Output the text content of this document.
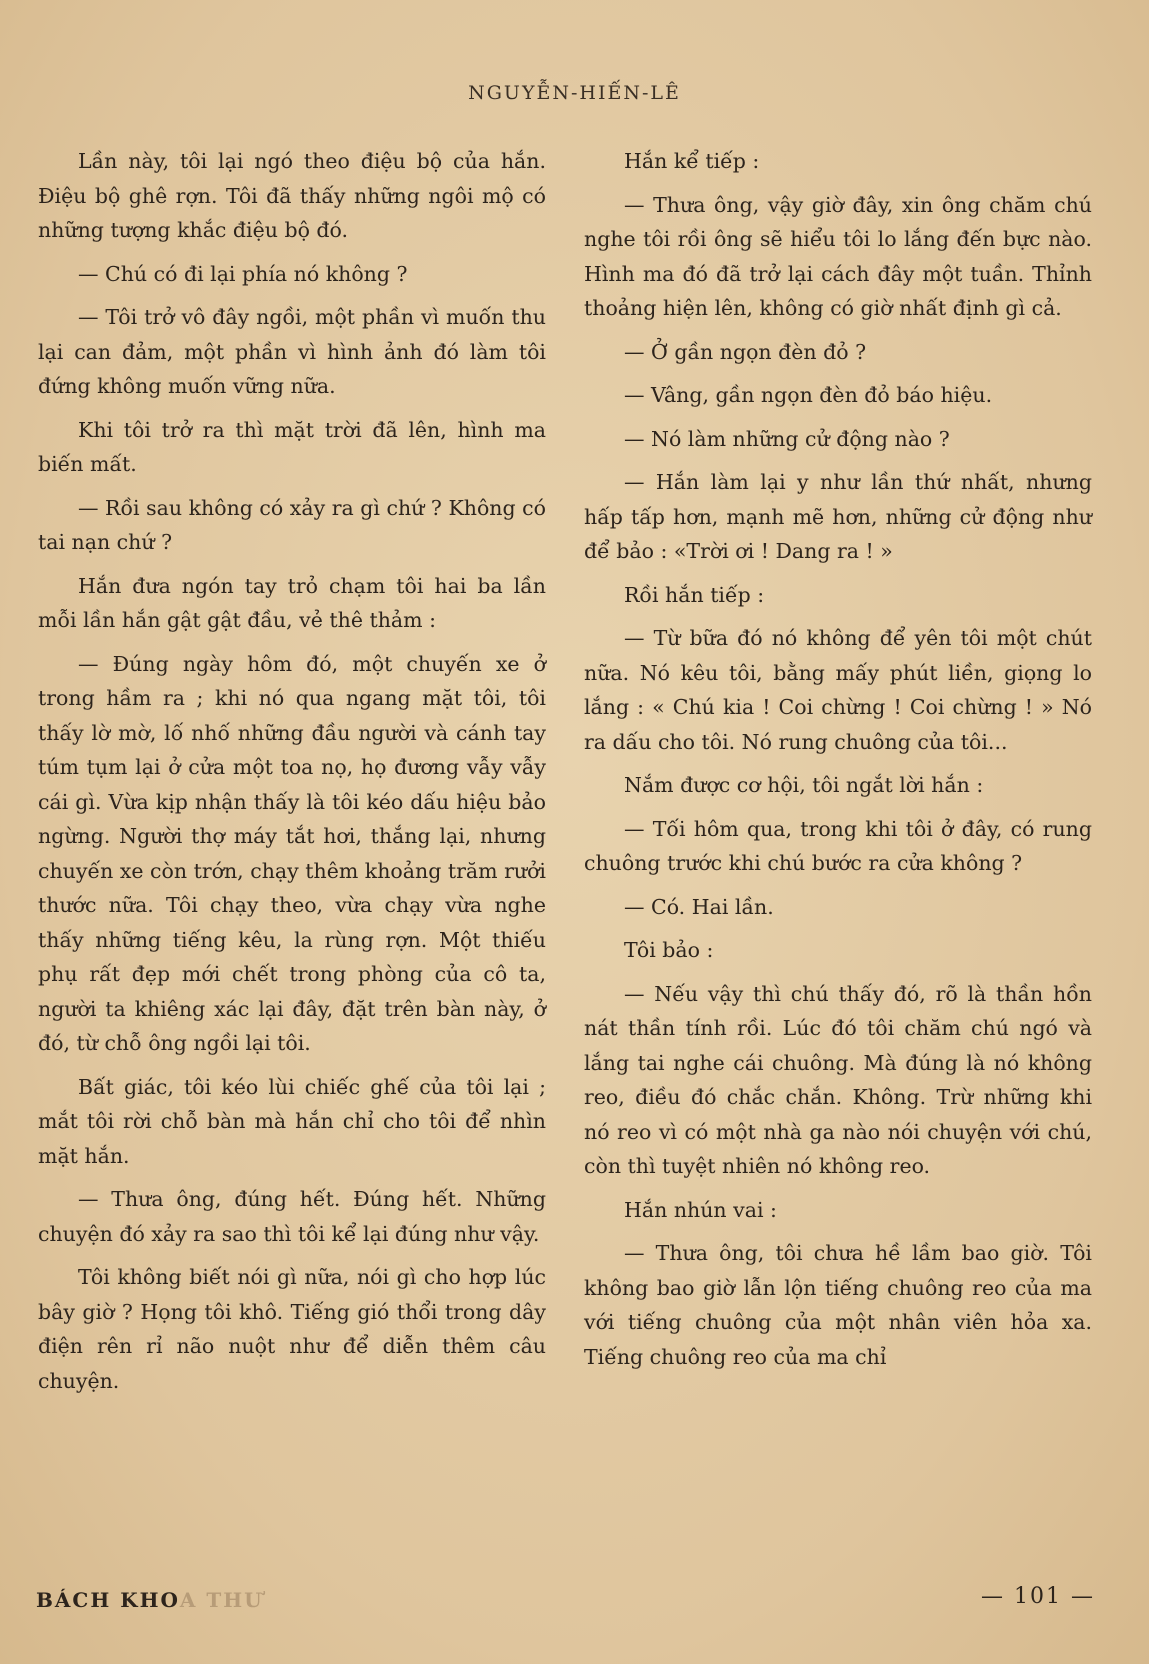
NGUYỄN-HIẾN-LÊ

Lần này, tôi lại ngó theo điệu bộ của hắn. Điệu bộ ghê rợn. Tôi đã thấy những ngôi mộ có những tượng khắc điệu bộ đó.

— Chú có đi lại phía nó không ?

— Tôi trở vô đây ngồi, một phần vì muốn thu lại can đảm, một phần vì hình ảnh đó làm tôi đứng không muốn vững nữa.

Khi tôi trở ra thì mặt trời đã lên, hình ma biến mất.

— Rồi sau không có xảy ra gì chứ ? Không có tai nạn chứ ?

Hắn đưa ngón tay trỏ chạm tôi hai ba lần mỗi lần hắn gật gật đầu, vẻ thê thảm :

— Đúng ngày hôm đó, một chuyến xe ở trong hầm ra ; khi nó qua ngang mặt tôi, tôi thấy lờ mờ, lố nhố những đầu người và cánh tay túm tụm lại ở cửa một toa nọ, họ đương vẫy vẫy cái gì. Vừa kịp nhận thấy là tôi kéo dấu hiệu bảo ngừng. Người thợ máy tắt hơi, thắng lại, nhưng chuyến xe còn trớn, chạy thêm khoảng trăm rưởi thước nữa. Tôi chạy theo, vừa chạy vừa nghe thấy những tiếng kêu, la rùng rợn. Một thiếu phụ rất đẹp mới chết trong phòng của cô ta, người ta khiêng xác lại đây, đặt trên bàn này, ở đó, từ chỗ ông ngồi lại tôi.

Bất giác, tôi kéo lùi chiếc ghế của tôi lại ; mắt tôi rời chỗ bàn mà hắn chỉ cho tôi để nhìn mặt hắn.

— Thưa ông, đúng hết. Đúng hết. Những chuyện đó xảy ra sao thì tôi kể lại đúng như vậy.

Tôi không biết nói gì nữa, nói gì cho hợp lúc bây giờ ? Họng tôi khô. Tiếng gió thổi trong dây điện rên rỉ não nuột như để diễn thêm câu chuyện.

Hắn kể tiếp :

— Thưa ông, vậy giờ đây, xin ông chăm chú nghe tôi rồi ông sẽ hiểu tôi lo lắng đến bực nào. Hình ma đó đã trở lại cách đây một tuần. Thỉnh thoảng hiện lên, không có giờ nhất định gì cả.

— Ở gần ngọn đèn đỏ ?

— Vâng, gần ngọn đèn đỏ báo hiệu.

— Nó làm những cử động nào ?

— Hắn làm lại y như lần thứ nhất, nhưng hấp tấp hơn, mạnh mẽ hơn, những cử động như để bảo : «Trời ơi ! Dang ra ! »

Rồi hắn tiếp :

— Từ bữa đó nó không để yên tôi một chút nữa. Nó kêu tôi, bằng mấy phút liền, giọng lo lắng : « Chú kia ! Coi chừng ! Coi chừng ! » Nó ra dấu cho tôi. Nó rung chuông của tôi...

Nắm được cơ hội, tôi ngắt lời hắn :

— Tối hôm qua, trong khi tôi ở đây, có rung chuông trước khi chú bước ra cửa không ?

— Có. Hai lần.

Tôi bảo :

— Nếu vậy thì chú thấy đó, rõ là thần hồn nát thần tính rồi. Lúc đó tôi chăm chú ngó và lắng tai nghe cái chuông. Mà đúng là nó không reo, điều đó chắc chắn. Không. Trừ những khi nó reo vì có một nhà ga nào nói chuyện với chú, còn thì tuyệt nhiên nó không reo.

Hắn nhún vai :

— Thưa ông, tôi chưa hề lầm bao giờ. Tôi không bao giờ lẫn lộn tiếng chuông reo của ma với tiếng chuông của một nhân viên hỏa xa. Tiếng chuông reo của ma chỉ

BÁCH KHOA THƯ	— 101 —
